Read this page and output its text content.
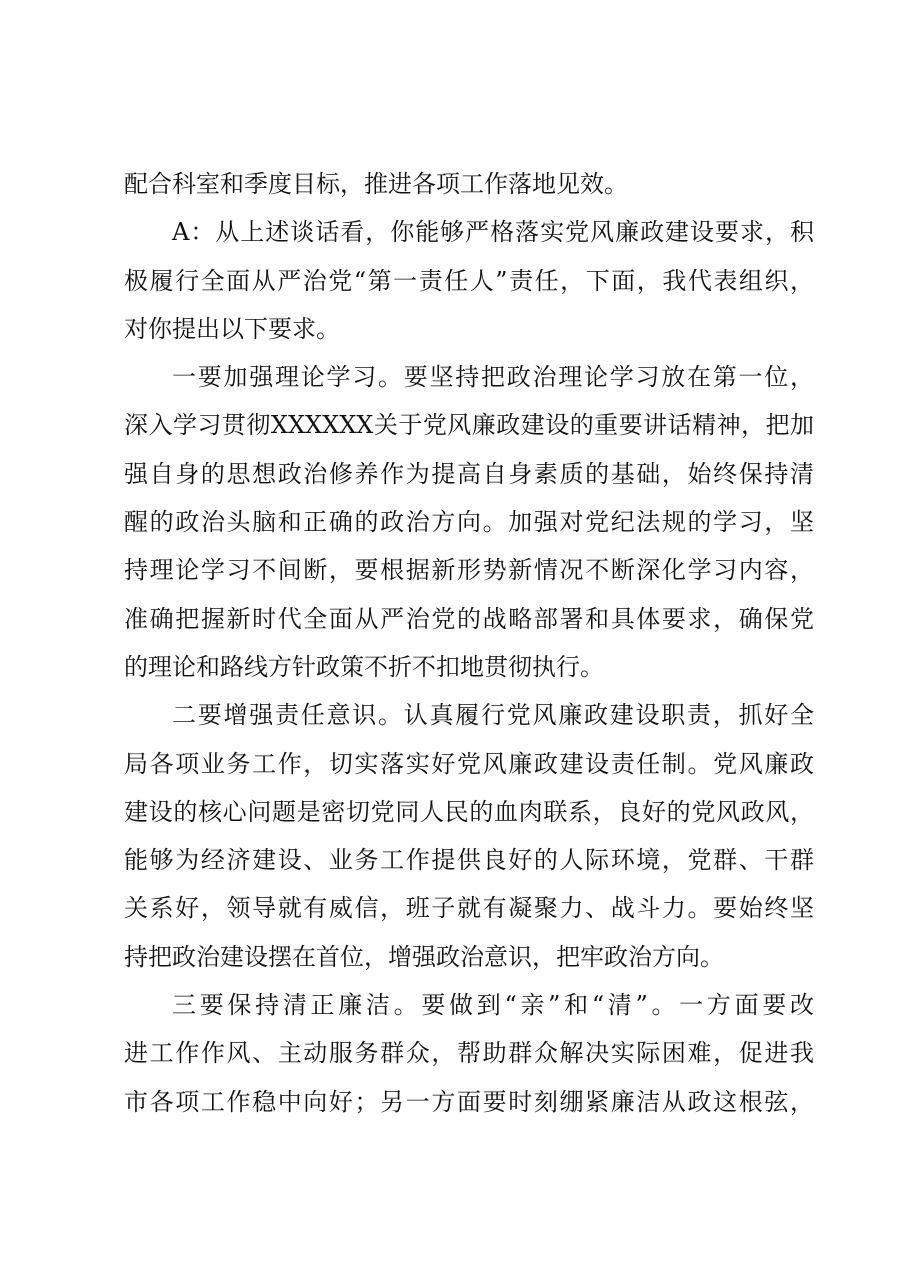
配合科室和季度目标，推进各项工作落地见效。
A：从上述谈话看，你能够严格落实党风廉政建设要求，积
极履行全面从严治党“第一责任人”责任，下面，我代表组织，
对你提出以下要求。
一要加强理论学习。要坚持把政治理论学习放在第一位，
深入学习贯彻XXXXXX关于党风廉政建设的重要讲话精神，把加
强自身的思想政治修养作为提高自身素质的基础，始终保持清
醒的政治头脑和正确的政治方向。加强对党纪法规的学习，坚
持理论学习不间断，要根据新形势新情况不断深化学习内容，
准确把握新时代全面从严治党的战略部署和具体要求，确保党
的理论和路线方针政策不折不扣地贯彻执行。
二要增强责任意识。认真履行党风廉政建设职责，抓好全
局各项业务工作，切实落实好党风廉政建设责任制。党风廉政
建设的核心问题是密切党同人民的血肉联系，良好的党风政风，
能够为经济建设、业务工作提供良好的人际环境，党群、干群
关系好，领导就有威信，班子就有凝聚力、战斗力。要始终坚
持把政治建设摆在首位，增强政治意识，把牢政治方向。
三要保持清正廉洁。要做到“亲”和“清”。一方面要改
进工作作风、主动服务群众，帮助群众解决实际困难，促进我
市各项工作稳中向好；另一方面要时刻绷紧廉洁从政这根弦，
